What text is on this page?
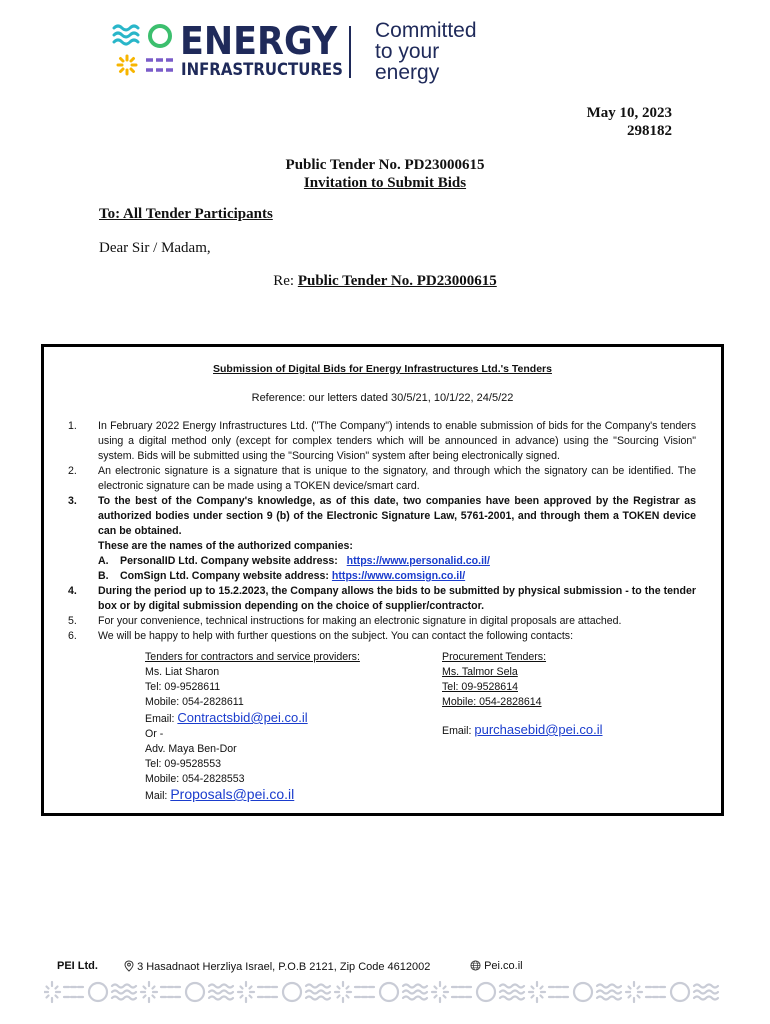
ENERGY
INFRASTRUCTURES
Committed
to your
energy
May 10, 2023
298182
Public Tender No. PD23000615
Invitation to Submit Bids
To: All Tender Participants
Dear Sir / Madam,
Re: Public Tender No. PD23000615
Submission of Digital Bids for Energy Infrastructures Ltd.'s Tenders
Reference: our letters dated 30/5/21, 10/1/22, 24/5/22
1.	In February 2022 Energy Infrastructures Ltd. ("The Company") intends to enable submission of bids for the Company's tenders using a digital method only (except for complex tenders which will be announced in advance) using the "Sourcing Vision" system. Bids will be submitted using the "Sourcing Vision" system after being electronically signed.
2.	An electronic signature is a signature that is unique to the signatory, and through which the signatory can be identified. The electronic signature can be made using a TOKEN device/smart card.
3.	To the best of the Company's knowledge, as of this date, two companies have been approved by the Registrar as authorized bodies under section 9 (b) of the Electronic Signature Law, 5761-2001, and through them a TOKEN device can be obtained.
These are the names of the authorized companies:
A. PersonalID Ltd. Company website address: https://www.personalid.co.il/
B. ComSign Ltd. Company website address: https://www.comsign.co.il/
4.	During the period up to 15.2.2023, the Company allows the bids to be submitted by physical submission - to the tender box or by digital submission depending on the choice of supplier/contractor.
5.	For your convenience, technical instructions for making an electronic signature in digital proposals are attached.
6.	We will be happy to help with further questions on the subject. You can contact the following contacts:
Tenders for contractors and service providers:
Ms. Liat Sharon
Tel: 09-9528611
Mobile: 054-2828611
Email: Contractsbid@pei.co.il
Or -
Adv. Maya Ben-Dor
Tel: 09-9528553
Mobile: 054-2828553
Mail: Proposals@pei.co.il
Procurement Tenders:
Ms. Talmor Sela
Tel: 09-9528614
Mobile: 054-2828614
Email: purchasebid@pei.co.il
PEI Ltd.	3 Hasadnaot Herzliya Israel, P.O.B 2121, Zip Code 4612002	Pei.co.il
